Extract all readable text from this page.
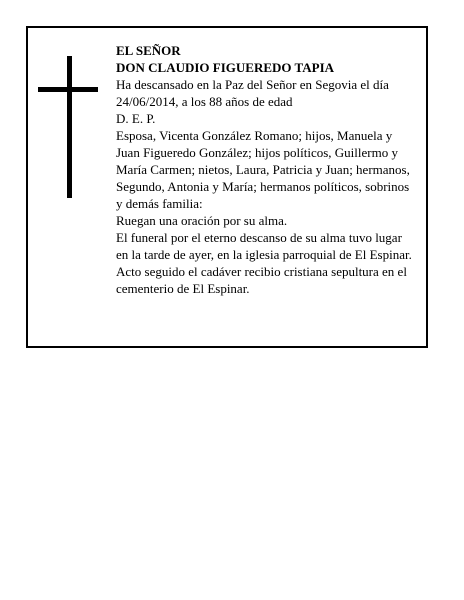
EL SEÑOR

DON CLAUDIO FIGUEREDO TAPIA

Ha descansado en la Paz del Señor en Segovia el día 24/06/2014, a los 88 años de edad

D. E. P.

Esposa, Vicenta González Romano; hijos, Manuela y Juan Figueredo González; hijos políticos, Guillermo y María Carmen; nietos, Laura, Patricia y Juan; hermanos, Segundo, Antonia y María; hermanos políticos, sobrinos y demás familia:

Ruegan una oración por su alma.

El funeral por el eterno descanso de su alma tuvo lugar en la tarde de ayer, en la iglesia parroquial de El Espinar. Acto seguido el cadáver recibio cristiana sepultura en el cementerio de El Espinar.
